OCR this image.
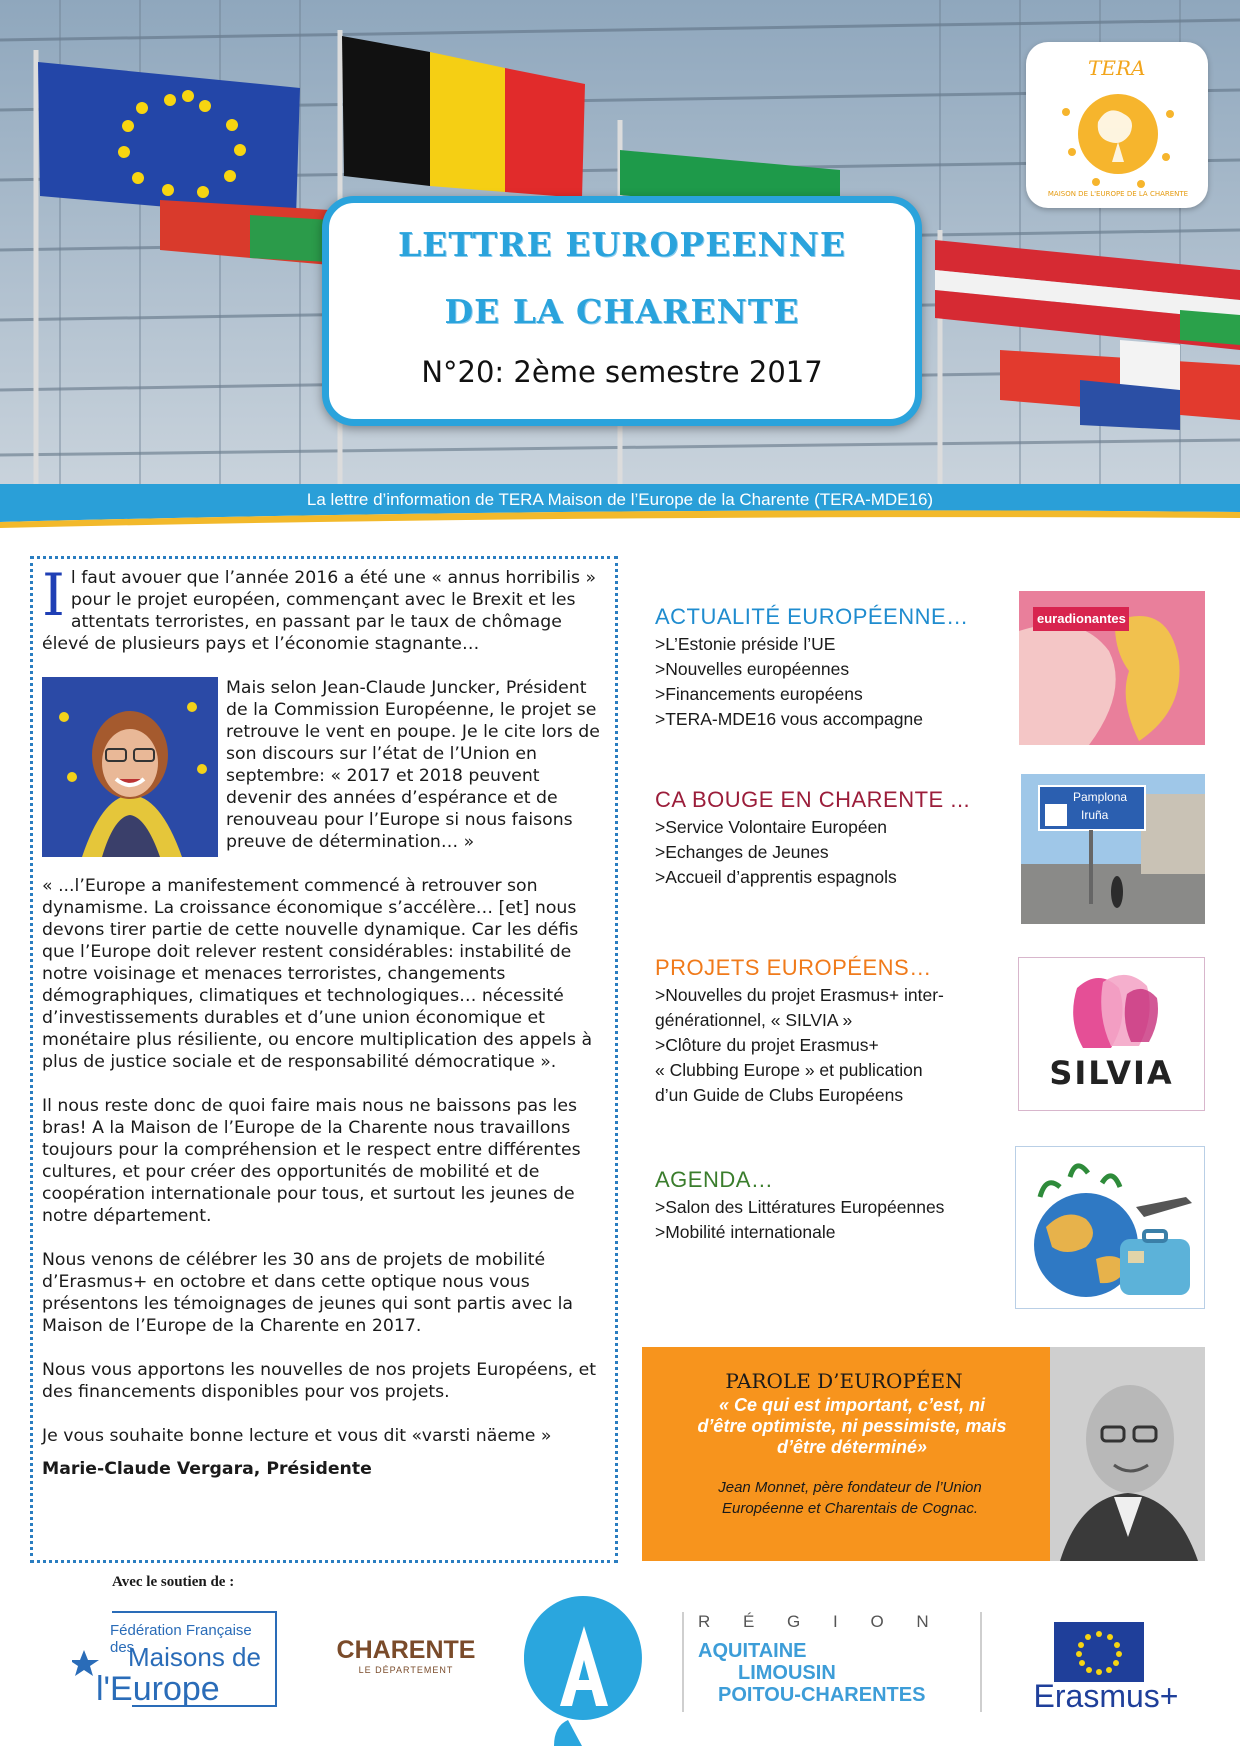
TERA
MAISON DE L'EUROPE DE LA CHARENTE
LETTRE EUROPEENNE
DE LA CHARENTE
N°20: 2ème semestre 2017
La lettre d’information de TERA Maison de l’Europe de la Charente (TERA-MDE16)

Il faut avouer que l’année 2016 a été une « annus horribilis » pour le projet européen, commençant avec le Brexit et les attentats terroristes, en passant par le taux de chômage élevé de plusieurs pays et l’économie stagnante…

Mais selon Jean-Claude Juncker, Président de la Commission Européenne, le projet se retrouve le vent en poupe. Je le cite lors de son discours sur l’état de l’Union en septembre: « 2017 et 2018 peuvent devenir des années d’espérance et de renouveau pour l’Europe si nous faisons preuve de détermination… »

« ...l’Europe a manifestement commencé à retrouver son dynamisme. La croissance économique s’accélère… [et] nous devons tirer partie de cette nouvelle dynamique. Car les défis que l’Europe doit relever restent considérables: instabilité de notre voisinage et menaces terroristes, changements démographiques, climatiques et technologiques… nécessité d’investissements durables et d’une union économique et monétaire plus résiliente, ou encore multiplication des appels à plus de justice sociale et de responsabilité démocratique ».

Il nous reste donc de quoi faire mais nous ne baissons pas les bras! A la Maison de l’Europe de la Charente nous travaillons toujours pour la compréhension et le respect entre différentes cultures, et pour créer des opportunités de mobilité et de coopération internationale pour tous, et surtout les jeunes de notre département.

Nous venons de célébrer les 30 ans de projets de mobilité d’Erasmus+ en octobre et dans cette optique nous vous présentons les témoignages de jeunes qui sont partis avec la Maison de l’Europe de la Charente en 2017.

Nous vous apportons les nouvelles de nos projets Européens, et des financements disponibles pour vos projets.

Je vous souhaite bonne lecture et vous dit «varsti näeme »

Marie-Claude Vergara, Présidente
ACTUALITÉ EUROPÉENNE…
>L’Estonie préside l’UE
>Nouvelles européennes
>Financements européens
>TERA-MDE16 vous accompagne
euradionantes
CA BOUGE EN CHARENTE ...
>Service Volontaire Européen
>Echanges de Jeunes
>Accueil d’apprentis espagnols
Pamplona
Iruña
PROJETS EUROPÉENS…
>Nouvelles du projet Erasmus+ inter-
générationnel, « SILVIA »
>Clôture du projet Erasmus+
« Clubbing Europe » et publication
d’un Guide de Clubs Européens
SILVIA
AGENDA…
>Salon des Littératures Européennes
>Mobilité internationale
PAROLE D’EUROPÉEN
« Ce qui est important, c’est, ni
d’être optimiste, ni pessimiste, mais
d’être déterminé»
Jean Monnet, père fondateur de l’Union
Européenne et Charentais de Cognac.
Avec le soutien de :
Fédération Française des
Maisons de
l'Europe
CHARENTE
LE DÉPARTEMENT
R É G I O N
AQUITAINE
LIMOUSIN
POITOU-CHARENTES	Erasmus+
